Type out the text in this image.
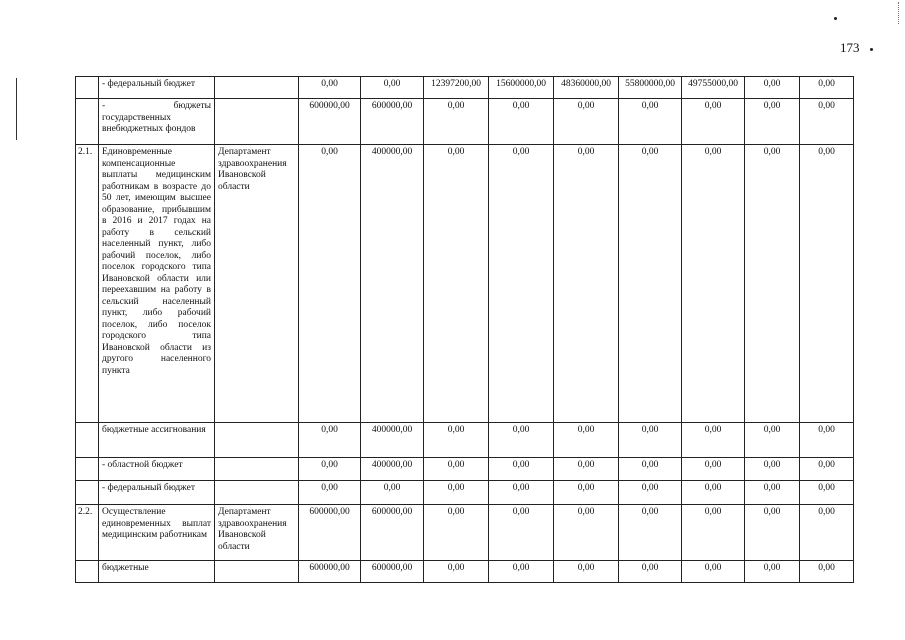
173
	- федеральный бюджет		0,00	0,00	12397200,00	15600000,00	48360000,00	55800000,00	49755000,00	0,00	0,00
	- бюджеты государственных внебюджетных фондов		600000,00	600000,00	0,00	0,00	0,00	0,00	0,00	0,00	0,00
2.1.	Единовременные компенсационные выплаты медицинским работникам в возрасте до 50 лет, имеющим высшее образование, прибывшим в 2016 и 2017 годах на работу в сельский населенный пункт, либо рабочий поселок, либо поселок городского типа Ивановской области или переехавшим на работу в сельский населенный пункт, либо рабочий поселок, либо поселок городского типа Ивановской области из другого населенного пункта	Департамент здравоохранения Ивановской области	0,00	400000,00	0,00	0,00	0,00	0,00	0,00	0,00	0,00
	бюджетные ассигнования		0,00	400000,00	0,00	0,00	0,00	0,00	0,00	0,00	0,00
	- областной бюджет		0,00	400000,00	0,00	0,00	0,00	0,00	0,00	0,00	0,00
	- федеральный бюджет		0,00	0,00	0,00	0,00	0,00	0,00	0,00	0,00	0,00
2.2.	Осуществление единовременных выплат медицинским работникам	Департамент здравоохранения Ивановской области	600000,00	600000,00	0,00	0,00	0,00	0,00	0,00	0,00	0,00
	бюджетные		600000,00	600000,00	0,00	0,00	0,00	0,00	0,00	0,00	0,00
